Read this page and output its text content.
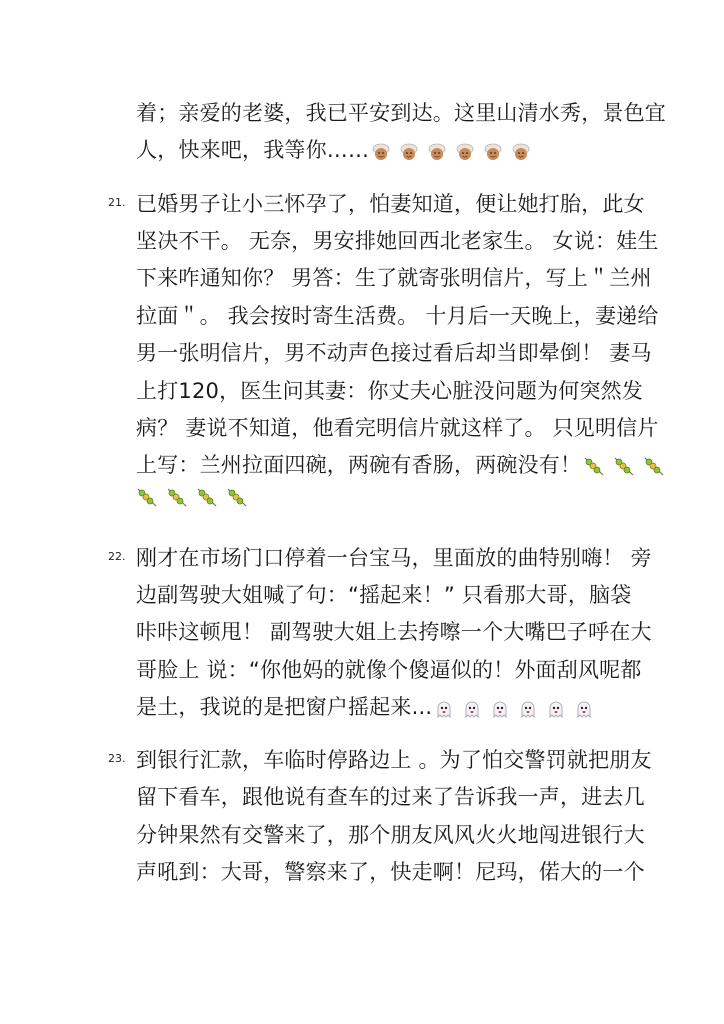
着；亲爱的老婆，我已平安到达。这里山清水秀，景色宜
人，快来吧，我等你……

21. 已婚男子让小三怀孕了，怕妻知道，便让她打胎，此女
坚决不干。 无奈，男安排她回西北老家生。 女说：娃生
下来咋通知你？ 男答：生了就寄张明信片，写上＂兰州
拉面＂。 我会按时寄生活费。 十月后一天晚上，妻递给
男一张明信片，男不动声色接过看后却当即晕倒！ 妻马
上打120，医生问其妻：你丈夫心脏没问题为何突然发
病？ 妻说不知道，他看完明信片就这样了。 只见明信片
上写：兰州拉面四碗，两碗有香肠，两碗没有！

22. 刚才在市场门口停着一台宝马，里面放的曲特别嗨！ 旁
边副驾驶大姐喊了句：“摇起来！” 只看那大哥，脑袋
咔咔这顿甩！ 副驾驶大姐上去挎嚓一个大嘴巴子呼在大
哥脸上 说：“你他妈的就像个傻逼似的！外面刮风呢都
是土，我说的是把窗户摇起来...

23. 到银行汇款，车临时停路边上 。为了怕交警罚就把朋友
留下看车，跟他说有查车的过来了告诉我一声，进去几
分钟果然有交警来了，那个朋友风风火火地闯进银行大
声吼到：大哥，警察来了，快走啊！尼玛，偌大的一个
